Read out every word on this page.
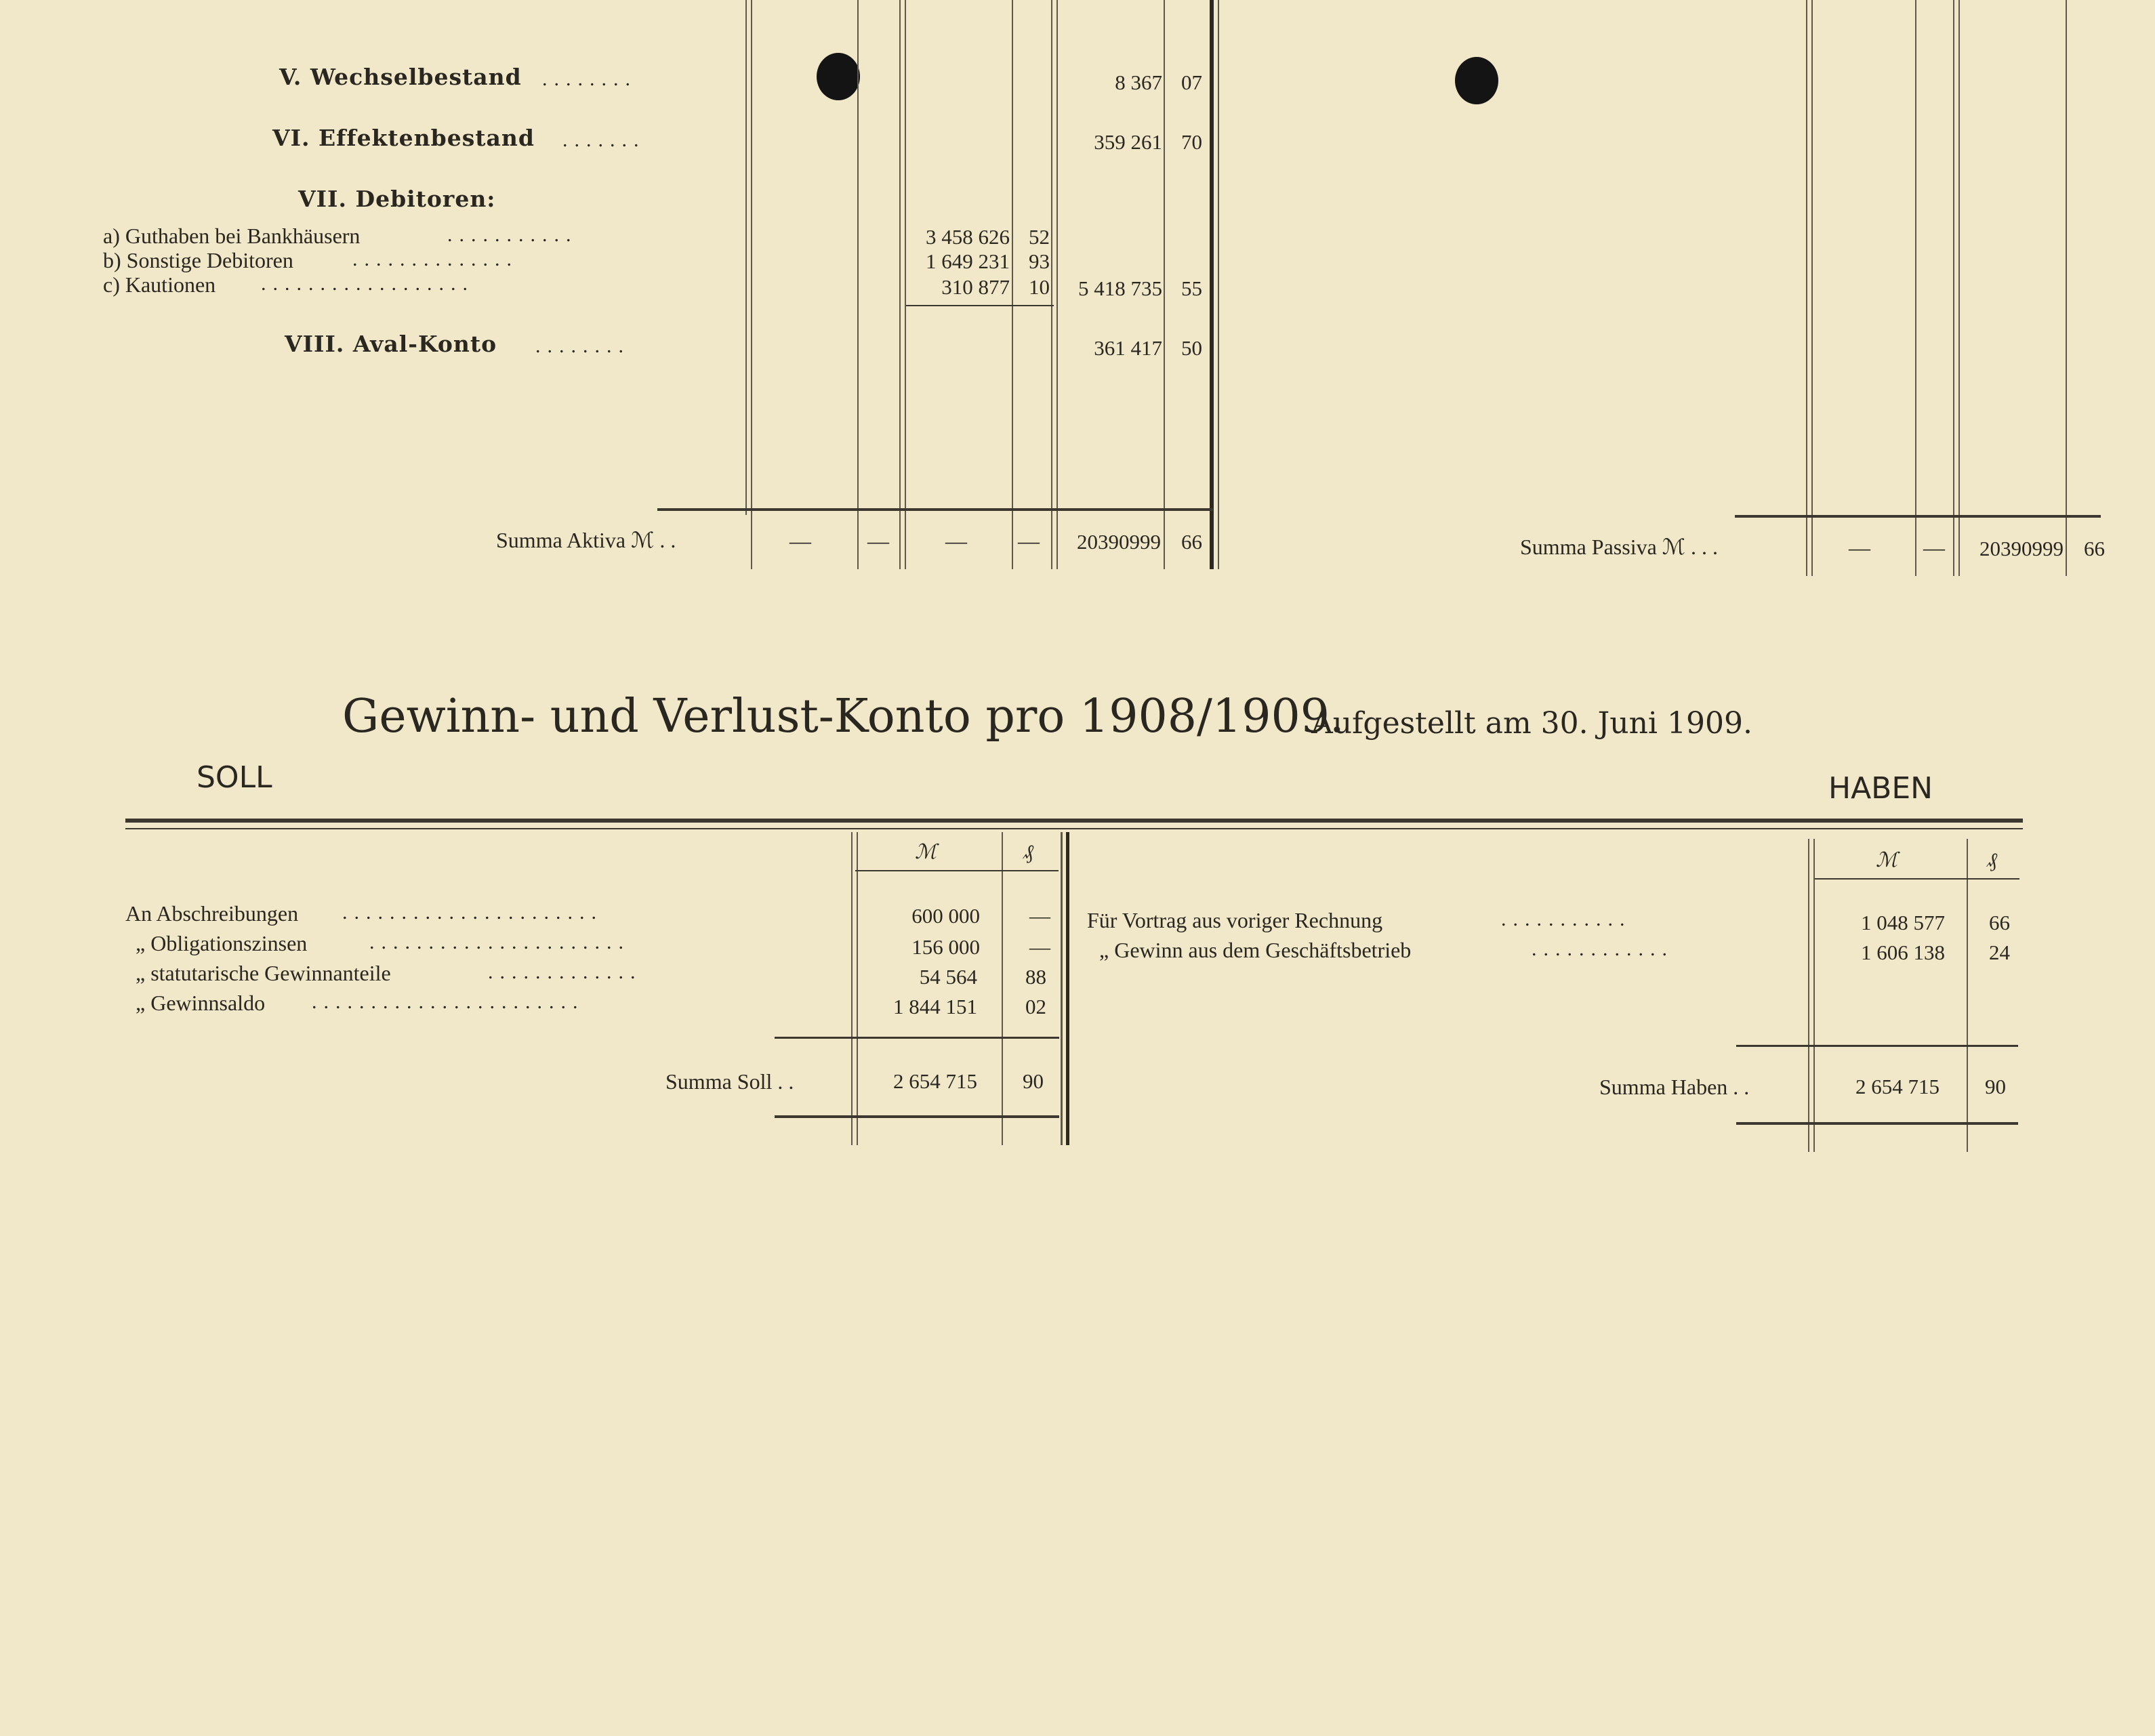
V. Wechselbestand ........	8 367 07
VI. Effektenbestand .......	359 261 70
VII. Debitoren:
a) Guthaben bei Bankhäusern	...........	3 458 626 52
b) Sonstige Debitoren	..............	1 649 231 93
c) Kautionen ..................	310 877 10	5 418 735 55
VIII. Aval-Konto ........	361 417 50
Summa Aktiva ℳ . .	—	—	— —	20390999 66	Summa Passiva ℳ . . .	— —	20390999 66
Gewinn- und Verlust-Konto pro 1908/1909.
Aufgestellt am 30. Juni 1909.
SOLL	HABEN
ℳ	₰	ℳ	₰
An Abschreibungen ......................	600 000	—
„ Obligationszinsen	......................	156 000	—
„ statutarische Gewinnanteile	.............	54 564	88
„ Gewinnsaldo .......................	1 844 151	02
Summa Soll . .	2 654 715	90
Für Vortrag aus voriger Rechnung	...........	1 048 577	66
„ Gewinn aus dem Geschäftsbetrieb	............	1 606 138	24
Summa Haben . .	2 654 715	90
